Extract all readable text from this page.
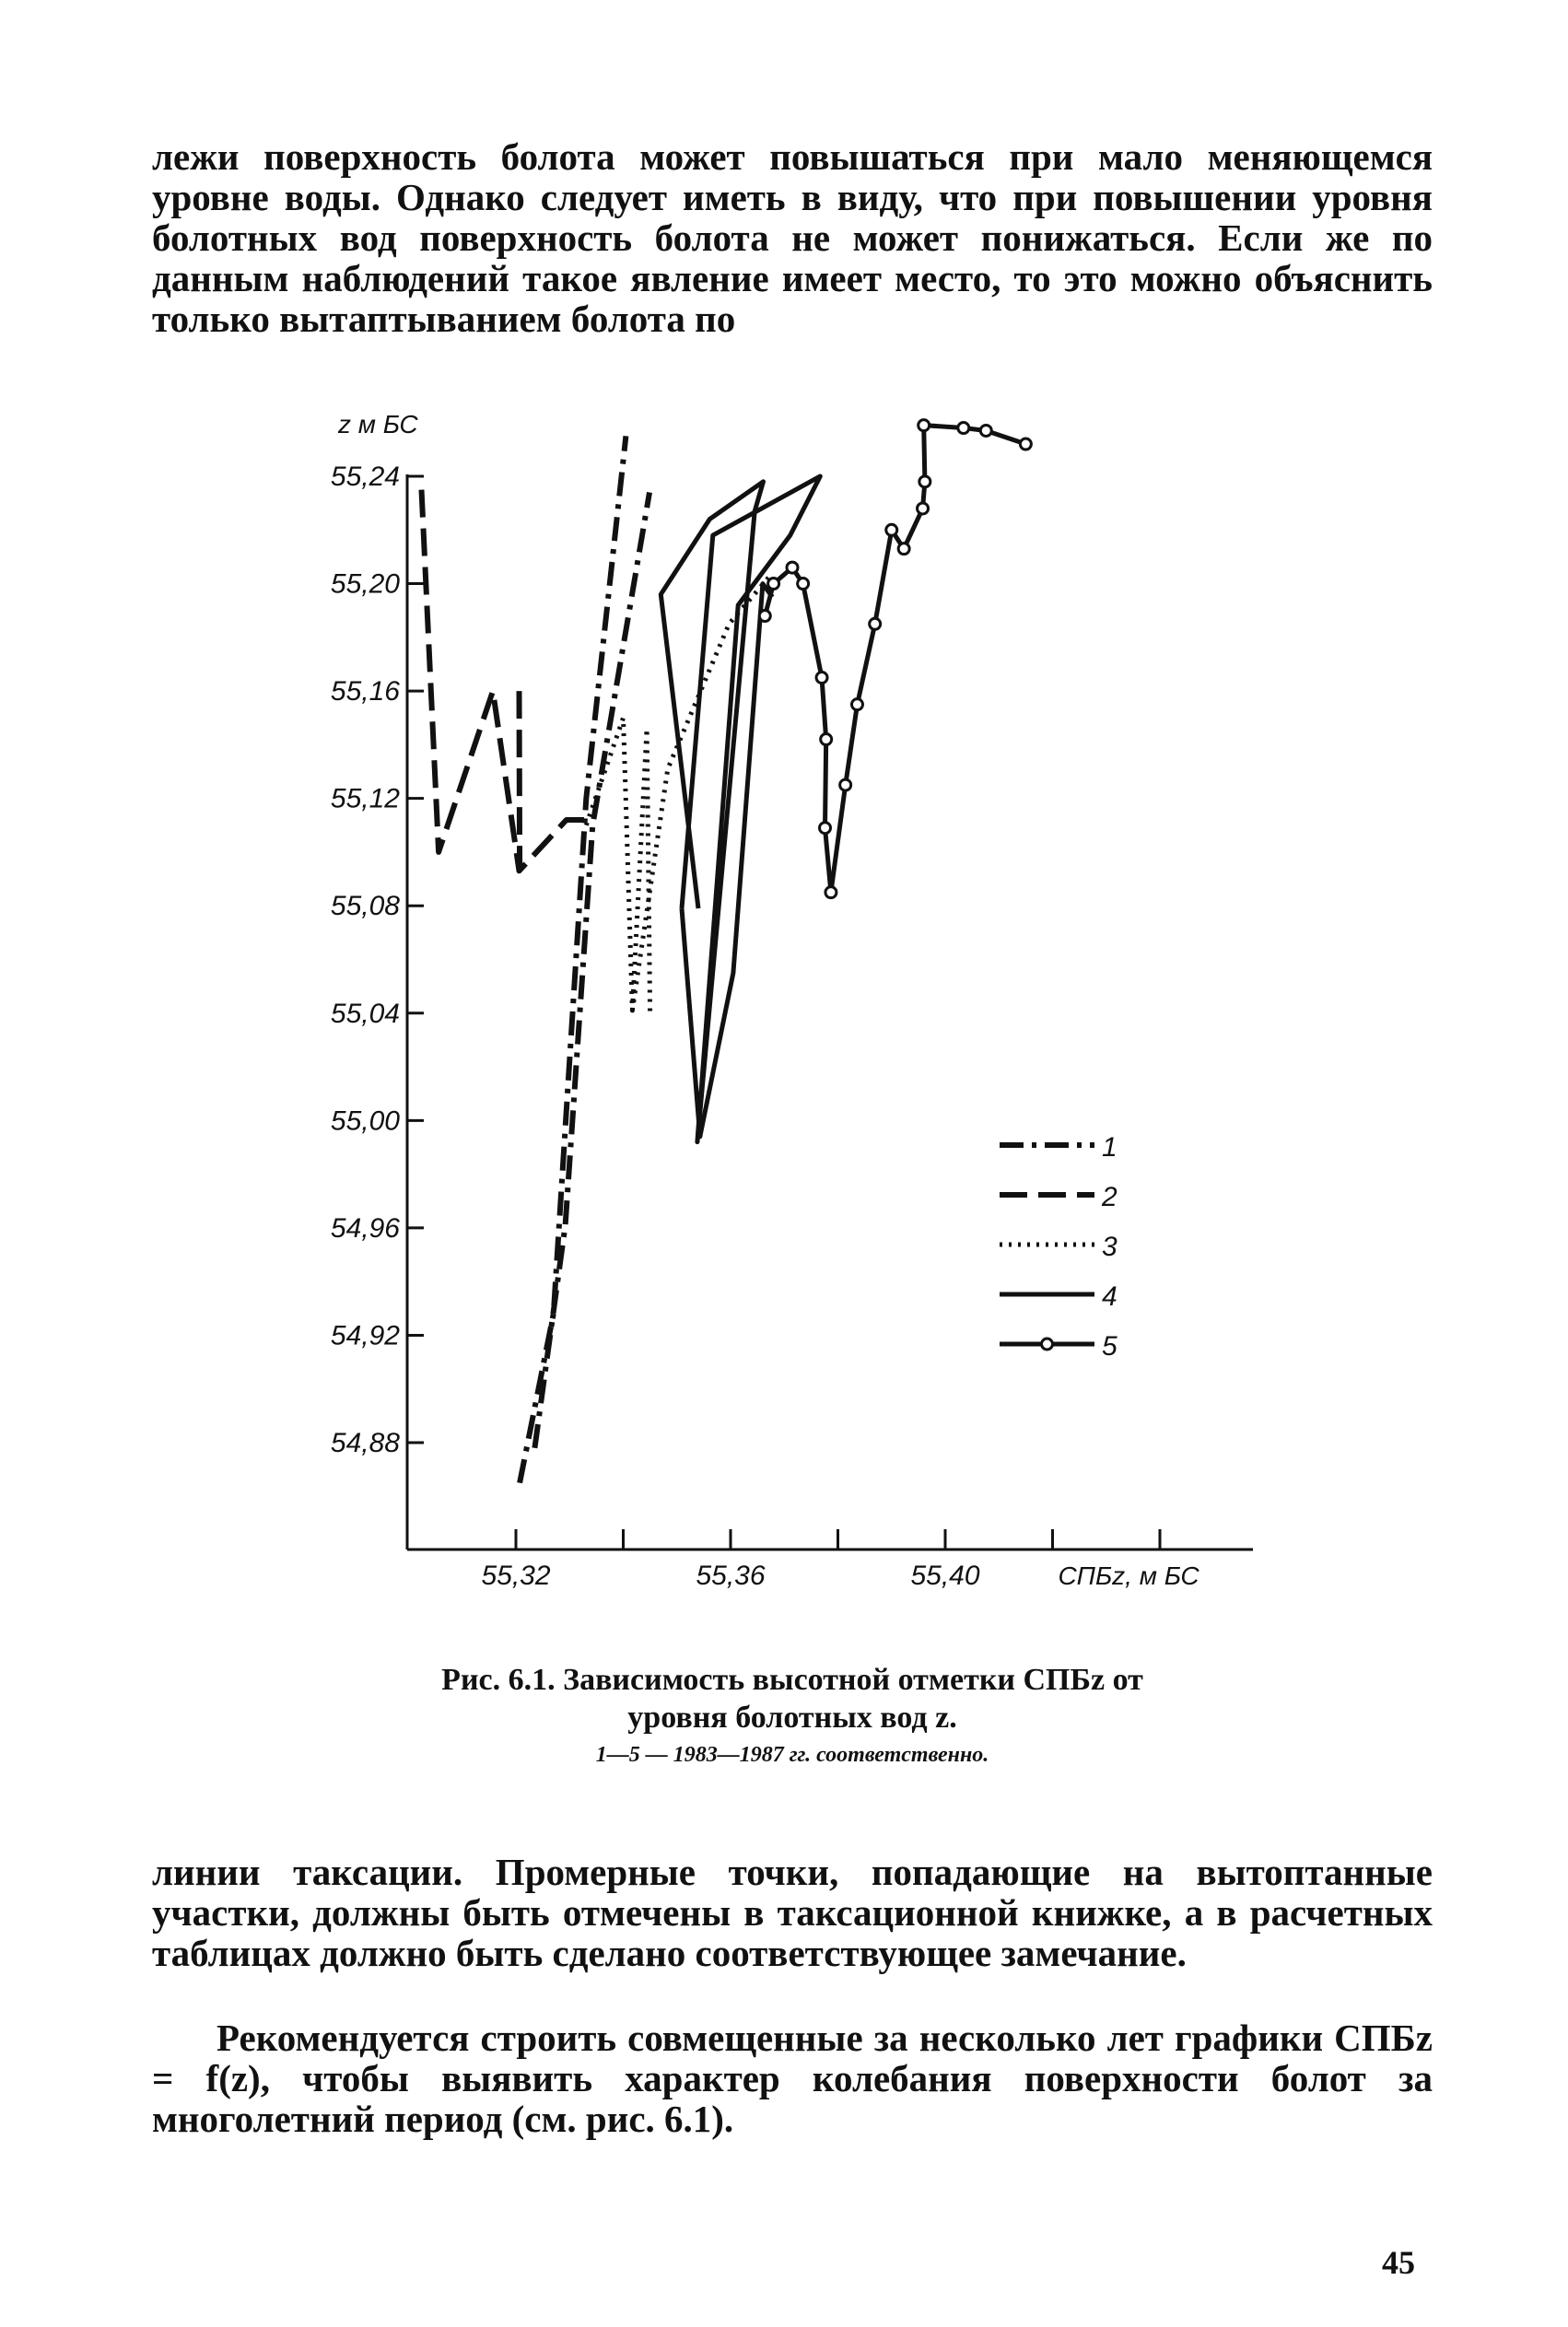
лежи поверхность болота может повышаться при мало меняющемся уровне воды. Однако следует иметь в виду, что при повышении уровня болотных вод поверхность болота не может понижаться. Если же по данным наблюдений такое явление имеет место, то это можно объяснить только вытаптыванием болота по

z м БС
54,88
54,92
54,96
55,00
55,04
55,08
55,12
55,16
55,20
55,24
55,32	55,36	55,40	СПБz, м БС
1
2
3
4
5

Рис. 6.1. Зависимость высотной отметки СПБz от

уровня болотных вод z.

1—5 — 1983—1987 гг. соответственно.

линии таксации. Промерные точки, попадающие на вытоптанные участки, должны быть отмечены в таксационной книжке, а в расчетных таблицах должно быть сделано соответствующее замечание.

Рекомендуется строить совмещенные за несколько лет графики СПБz = f(z), чтобы выявить характер колебания поверхности болот за многолетний период (см. рис. 6.1).

45
